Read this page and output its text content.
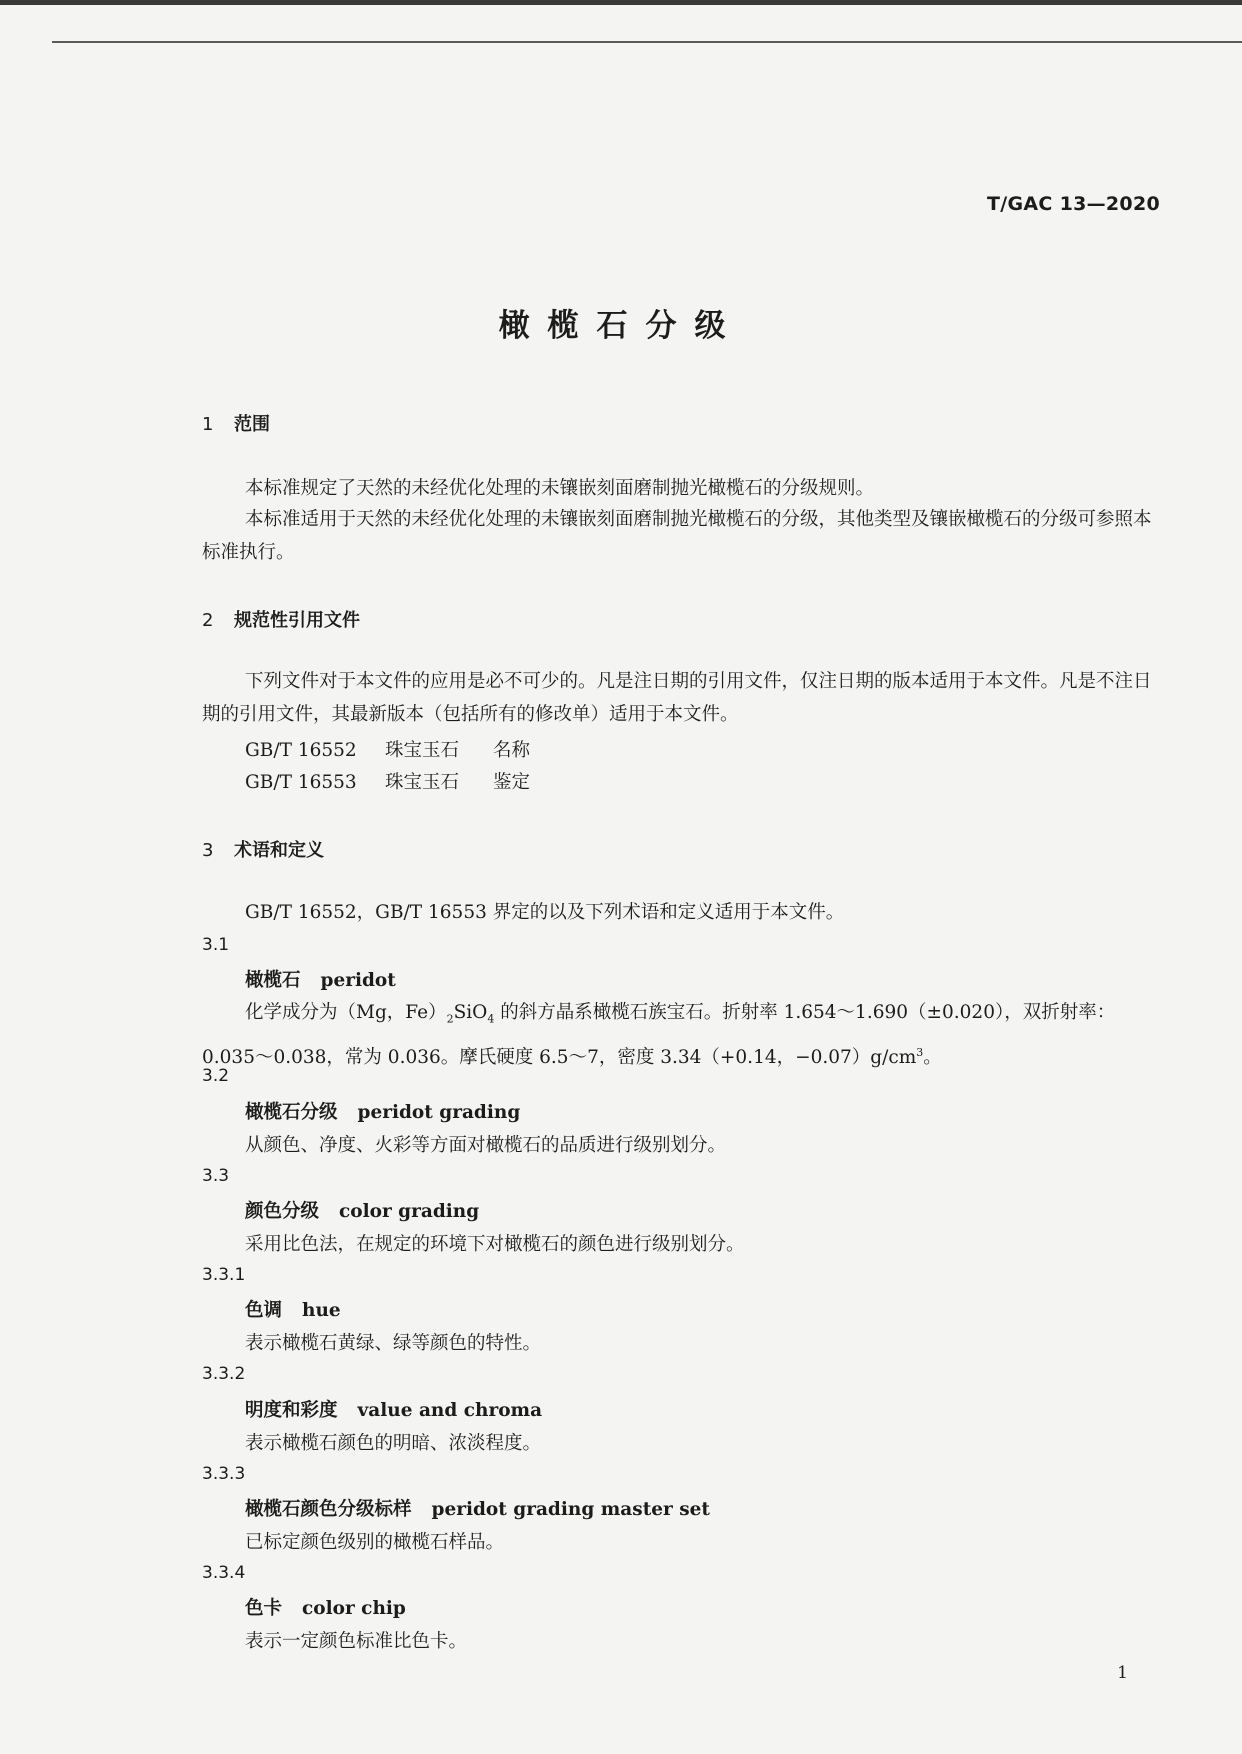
T/GAC 13—2020
橄榄石分级
1 范围
本标准规定了天然的未经优化处理的未镶嵌刻面磨制抛光橄榄石的分级规则。
本标准适用于天然的未经优化处理的未镶嵌刻面磨制抛光橄榄石的分级，其他类型及镶嵌橄榄石的分级可参照本标准执行。
2 规范性引用文件
下列文件对于本文件的应用是必不可少的。凡是注日期的引用文件，仅注日期的版本适用于本文件。凡是不注日期的引用文件，其最新版本（包括所有的修改单）适用于本文件。
GB/T 16552 珠宝玉石 名称
GB/T 16553 珠宝玉石 鉴定
3 术语和定义
GB/T 16552，GB/T 16553 界定的以及下列术语和定义适用于本文件。
3.1
橄榄石 peridot
化学成分为（Mg，$Fe)_2SiO_4$ 的斜方晶系橄榄石族宝石。折射率 1.654～1.690（±0.020），双折射率：0.035～0.038，常为 0.036。摩氏硬度 6.5～7，密度 3.34（+0.14，$-0.07)g/cm^3$。
3.2
橄榄石分级 peridot grading
从颜色、净度、火彩等方面对橄榄石的品质进行级别划分。
3.3
颜色分级 color grading
采用比色法，在规定的环境下对橄榄石的颜色进行级别划分。
3.3.1
色调 hue
表示橄榄石黄绿、绿等颜色的特性。
3.3.2
明度和彩度 value and chroma
表示橄榄石颜色的明暗、浓淡程度。
3.3.3
橄榄石颜色分级标样 peridot grading master set
已标定颜色级别的橄榄石样品。
3.3.4
色卡 color chip
表示一定颜色标准比色卡。
1
